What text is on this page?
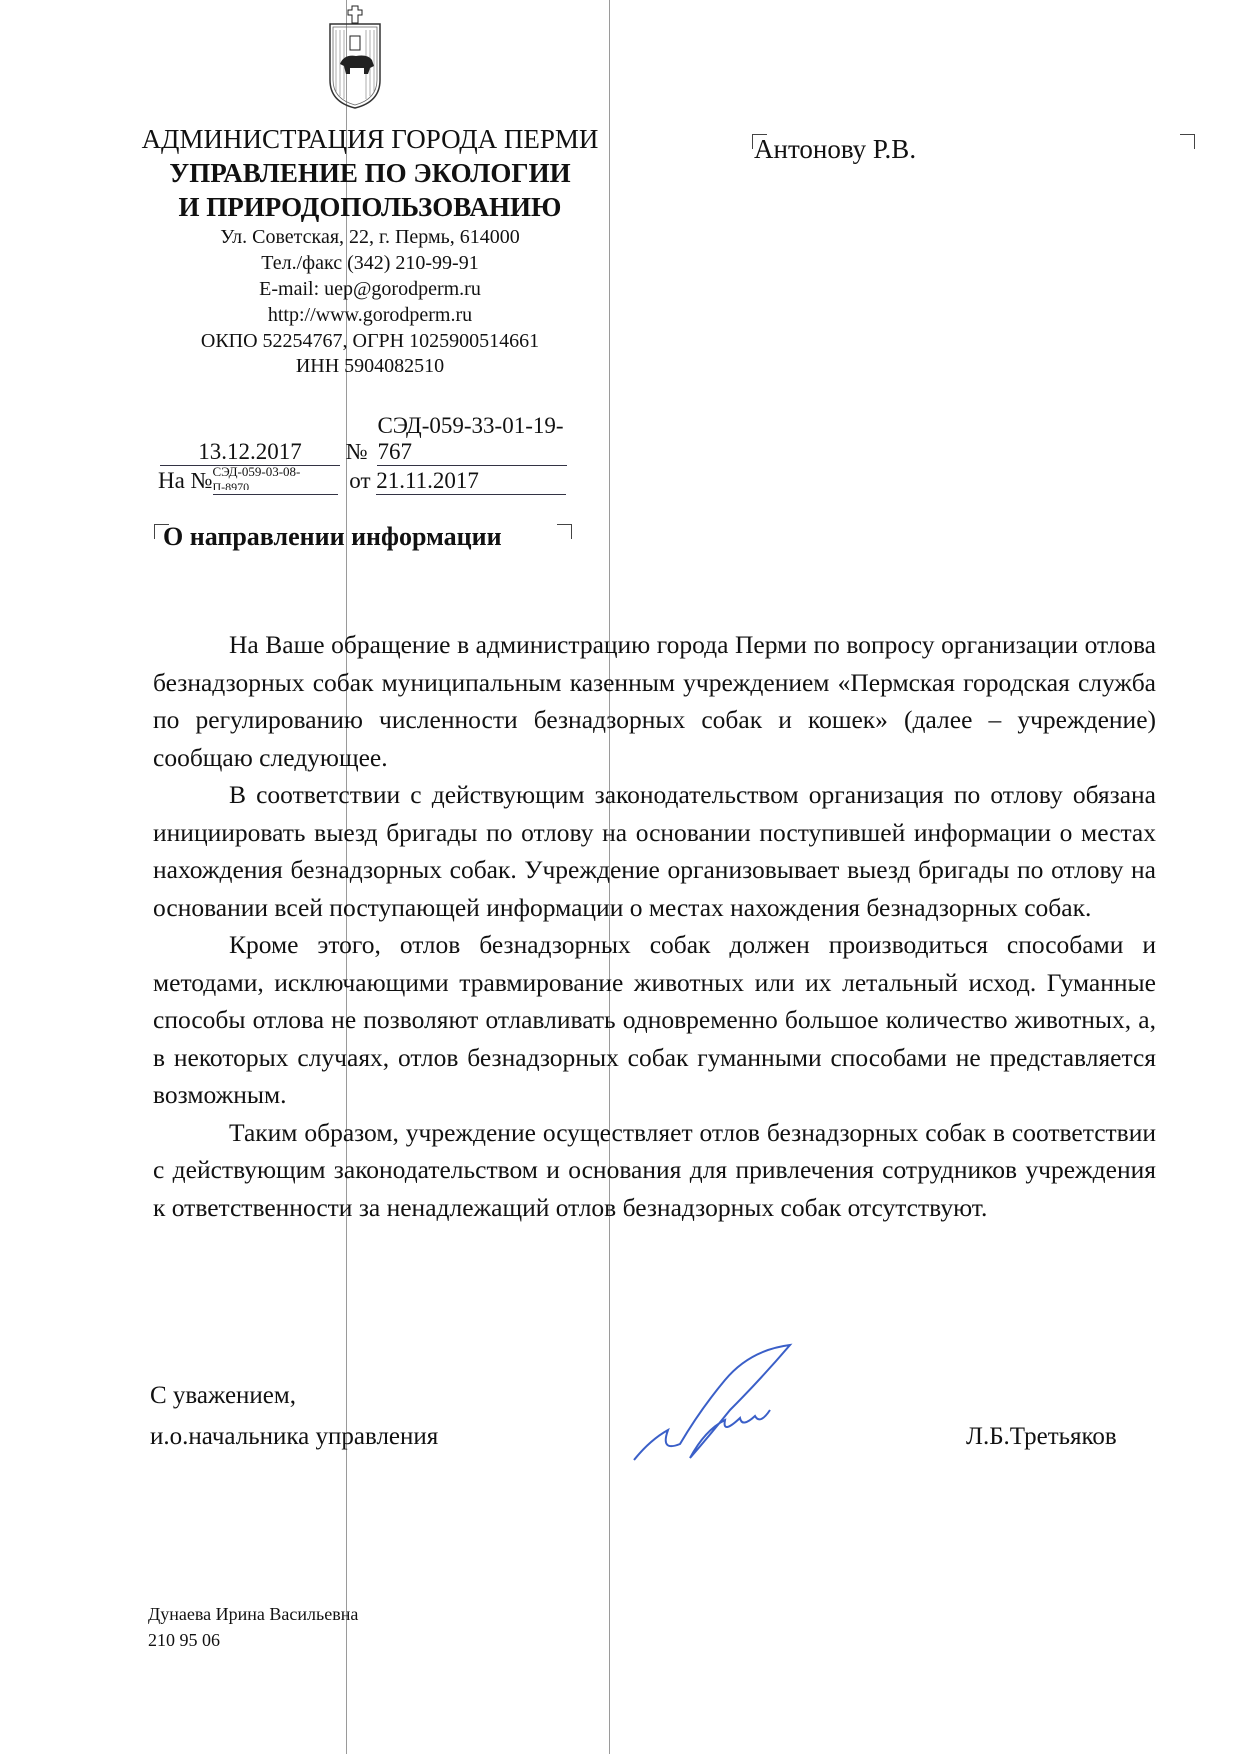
АДМИНИСТРАЦИЯ ГОРОДА ПЕРМИ
УПРАВЛЕНИЕ ПО ЭКОЛОГИИ
И ПРИРОДОПОЛЬЗОВАНИЮ
Ул. Советская, 22, г. Пермь, 614000
Тел./факс (342) 210-99-91
E-mail: uep@gorodperm.ru
http://www.gorodperm.ru
ОКПО 52254767, ОГРН 1025900514661
ИНН 5904082510
Антонову Р.В.
13.12.2017 № СЭД-059-33-01-19-767
На № СЭД-059-03-08-
П-8970	от 21.11.2017
О направлении информации

На Ваше обращение в администрацию города Перми по вопросу организации отлова безнадзорных собак муниципальным казенным учреждением «Пермская городская служба по регулированию численности безнадзорных собак и кошек» (далее – учреждение) сообщаю следующее.

В соответствии с действующим законодательством организация по отлову обязана инициировать выезд бригады по отлову на основании поступившей информации о местах нахождения безнадзорных собак. Учреждение организовывает выезд бригады по отлову на основании всей поступающей информации о местах нахождения безнадзорных собак.

Кроме этого, отлов безнадзорных собак должен производиться способами и методами, исключающими травмирование животных или их летальный исход. Гуманные способы отлова не позволяют отлавливать одновременно большое количество животных, а, в некоторых случаях, отлов безнадзорных собак гуманными способами не представляется возможным.

Таким образом, учреждение осуществляет отлов безнадзорных собак в соответствии с действующим законодательством и основания для привлечения сотрудников учреждения к ответственности за ненадлежащий отлов безнадзорных собак отсутствуют.

С уважением,
и.о.начальника управления	Л.Б.Третьяков
Дунаева Ирина Васильевна
210 95 06
